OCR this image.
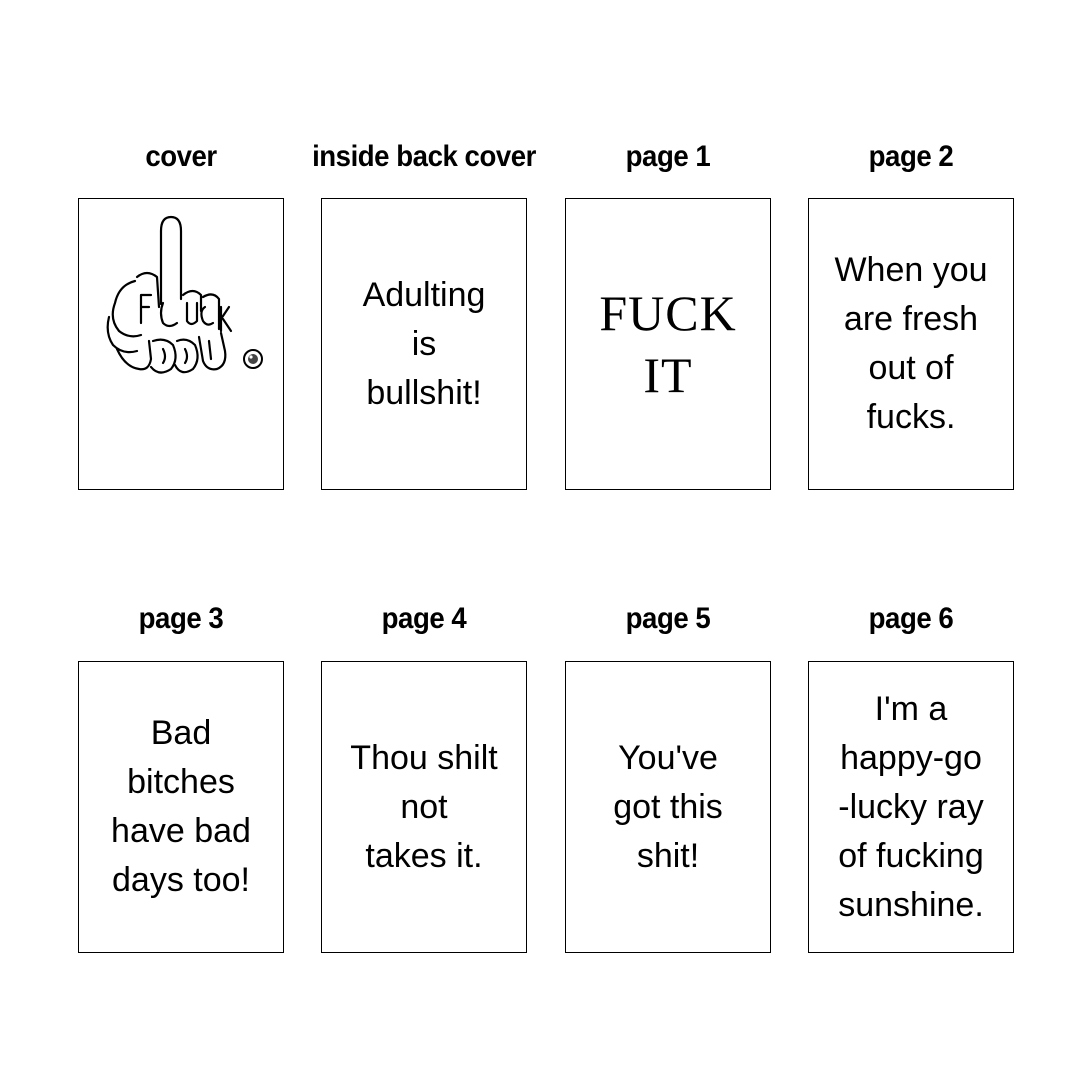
cover	inside back cover	page 1	page 2
page 3	page 4	page 5	page 6
Adulting
is
bullshit!
FUCK
IT
When you
are fresh
out of
fucks.
Bad
bitches
have bad
days too!
Thou shilt
not
takes it.
You've
got this
shit!
I'm a
happy-go
-lucky ray
of fucking
sunshine.
